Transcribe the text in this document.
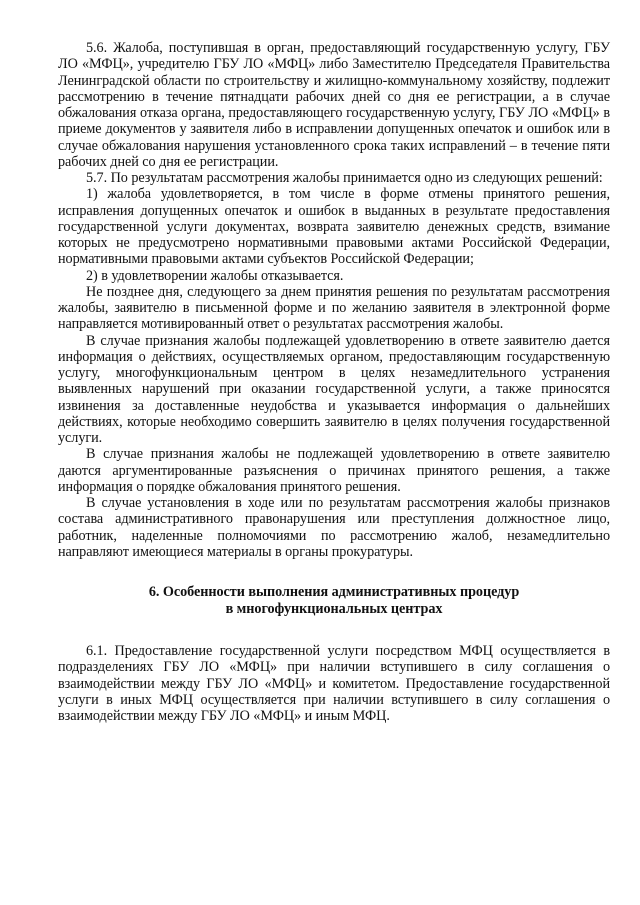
5.6. Жалоба, поступившая в орган, предоставляющий государственную услугу, ГБУ ЛО «МФЦ», учредителю ГБУ ЛО «МФЦ» либо Заместителю Председателя Правительства Ленинградской области по строительству и жилищно-коммунальному хозяйству, подлежит рассмотрению в течение пятнадцати рабочих дней со дня ее регистрации, а в случае обжалования отказа органа, предоставляющего государственную услугу, ГБУ ЛО «МФЦ» в приеме документов у заявителя либо в исправлении допущенных опечаток и ошибок или в случае обжалования нарушения установленного срока таких исправлений – в течение пяти рабочих дней со дня ее регистрации.

5.7. По результатам рассмотрения жалобы принимается одно из следующих решений:

1) жалоба удовлетворяется, в том числе в форме отмены принятого решения, исправления допущенных опечаток и ошибок в выданных в результате предоставления государственной услуги документах, возврата заявителю денежных средств, взимание которых не предусмотрено нормативными правовыми актами Российской Федерации, нормативными правовыми актами субъектов Российской Федерации;

2) в удовлетворении жалобы отказывается.

Не позднее дня, следующего за днем принятия решения по результатам рассмотрения жалобы, заявителю в письменной форме и по желанию заявителя в электронной форме направляется мотивированный ответ о результатах рассмотрения жалобы.

В случае признания жалобы подлежащей удовлетворению в ответе заявителю дается информация о действиях, осуществляемых органом, предоставляющим государственную услугу, многофункциональным центром в целях незамедлительного устранения выявленных нарушений при оказании государственной услуги, а также приносятся извинения за доставленные неудобства и указывается информация о дальнейших действиях, которые необходимо совершить заявителю в целях получения государственной услуги.

В случае признания жалобы не подлежащей удовлетворению в ответе заявителю даются аргументированные разъяснения о причинах принятого решения, а также информация о порядке обжалования принятого решения.

В случае установления в ходе или по результатам рассмотрения жалобы признаков состава административного правонарушения или преступления должностное лицо, работник, наделенные полномочиями по рассмотрению жалоб, незамедлительно направляют имеющиеся материалы в органы прокуратуры.

6. Особенности выполнения административных процедур
в многофункциональных центрах

6.1. Предоставление государственной услуги посредством МФЦ осуществляется в подразделениях ГБУ ЛО «МФЦ» при наличии вступившего в силу соглашения о взаимодействии между ГБУ ЛО «МФЦ» и комитетом. Предоставление государственной услуги в иных МФЦ осуществляется при наличии вступившего в силу соглашения о взаимодействии между ГБУ ЛО «МФЦ» и иным МФЦ.
